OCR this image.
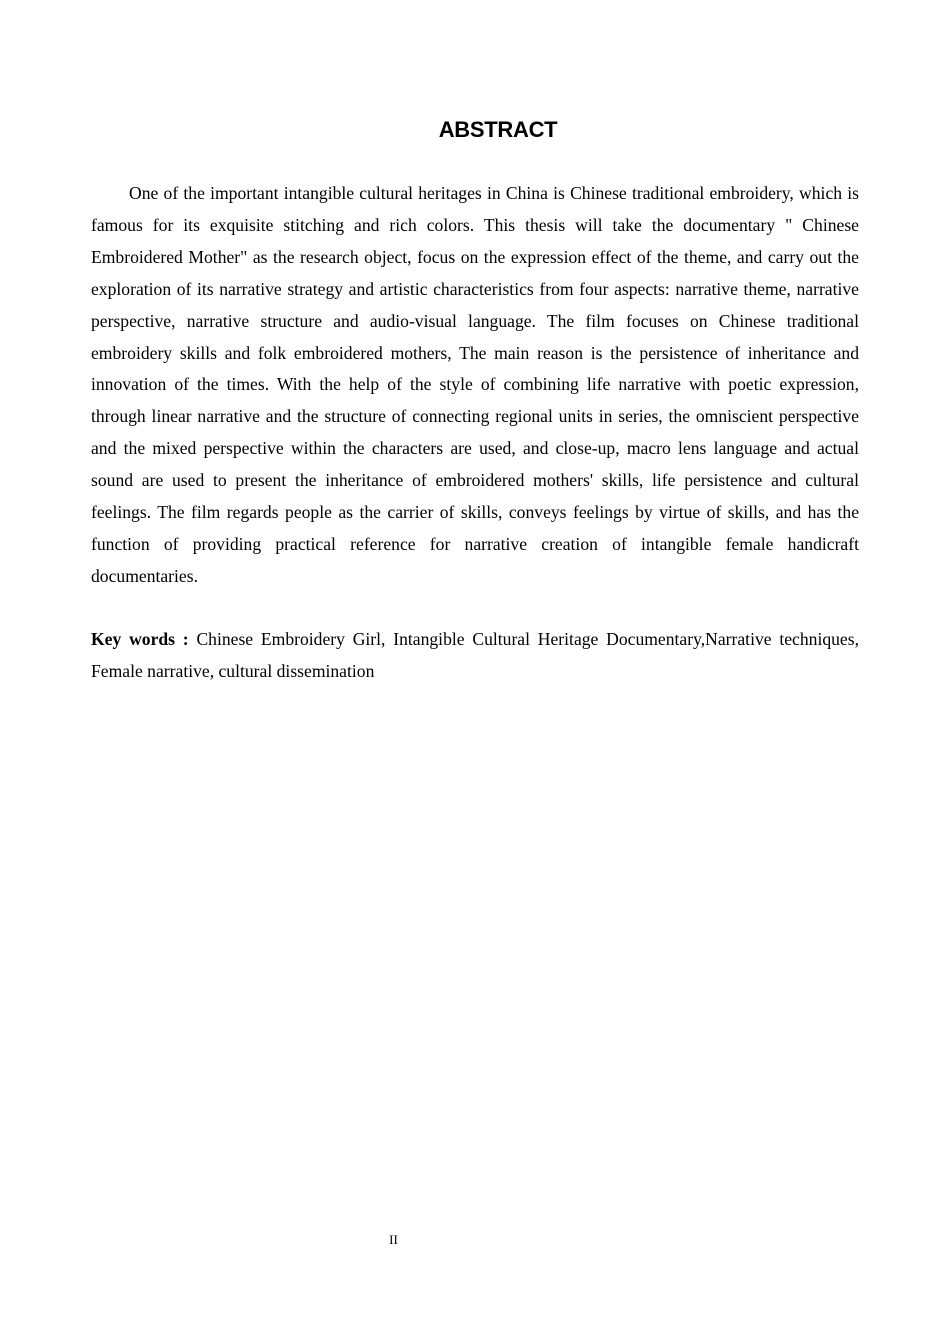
ABSTRACT

One of the important intangible cultural heritages in China is Chinese traditional embroidery, which is famous for its exquisite stitching and rich colors. This thesis will take the documentary " Chinese Embroidered Mother" as the research object, focus on the expression effect of the theme, and carry out the exploration of its narrative strategy and artistic characteristics from four aspects: narrative theme, narrative perspective, narrative structure and audio-visual language. The film focuses on Chinese traditional embroidery skills and folk embroidered mothers, The main reason is the persistence of inheritance and innovation of the times. With the help of the style of combining life narrative with poetic expression, through linear narrative and the structure of connecting regional units in series, the omniscient perspective and the mixed perspective within the characters are used, and close-up, macro lens language and actual sound are used to present the inheritance of embroidered mothers' skills, life persistence and cultural feelings. The film regards people as the carrier of skills, conveys feelings by virtue of skills, and has the function of providing practical reference for narrative creation of intangible female handicraft documentaries.

Key words : Chinese Embroidery Girl, Intangible Cultural Heritage Documentary,Narrative techniques, Female narrative, cultural dissemination

II
